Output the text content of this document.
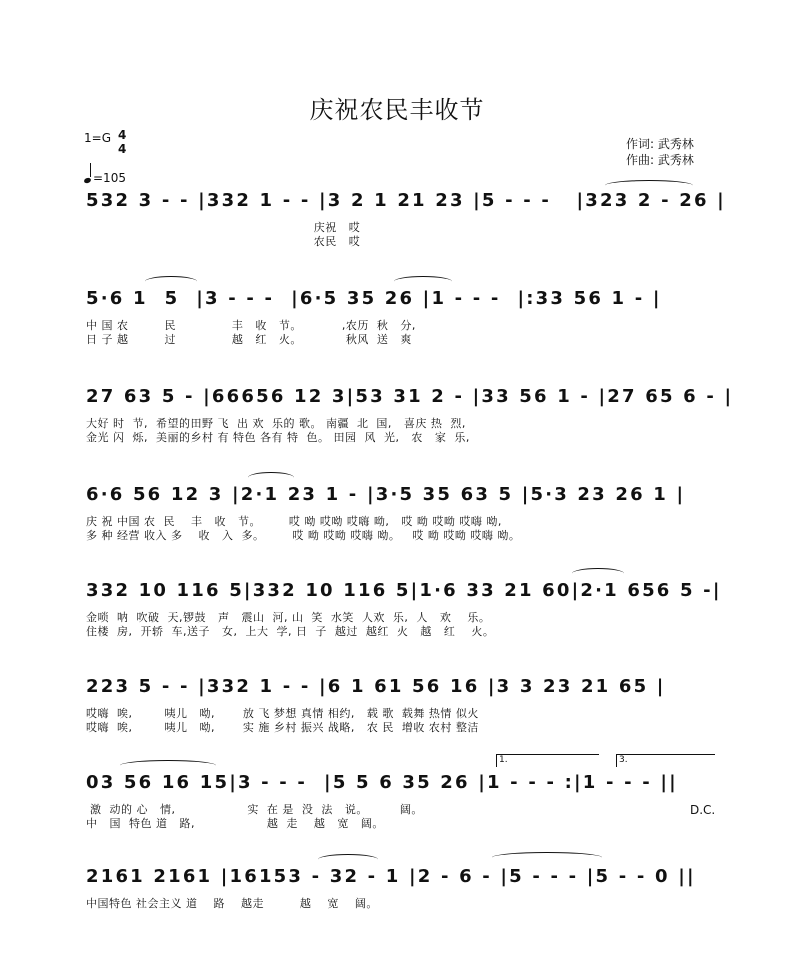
庆祝农民丰收节
1=G 4
4
=105
作词: 武秀林
作曲: 武秀林
532 3 - - |332 1 - - |3 2 1 21 23 |5 - - -   |323 2 - 26 |
庆祝   哎
农民   哎
5·6 1  5  |3 - - -  |6·5 35 26 |1 - - -  |:33 56 1 - |
中 国 农         民              丰   收   节。          ,农历  秋   分,
日 子 越         过              越   红   火。           秋风  送   爽
27 63 5 - |66656 12 3|53 31 2 - |33 56 1 - |27 65 6 - |
大好 时  节,  希望的田野 飞  出 欢  乐的 歌。 南疆  北  国,   喜庆 热  烈,
金光 闪  烁,  美丽的乡村 有 特色 各有 特  色。 田园  风  光,   农   家  乐,
6·6 56 12 3 |2·1 23 1 - |3·5 35 63 5 |5·3 23 26 1 |
庆 祝 中国 农  民    丰   收   节。       哎 呦 哎呦 哎嗨 呦,   哎 呦 哎呦 哎嗨 呦,
多 种 经营 收入 多    收   入  多。       哎 呦 哎呦 哎嗨 呦。   哎 呦 哎呦 哎嗨 呦。
332 10 116 5|332 10 116 5|1·6 33 21 60|2·1 656 5 -|
金唢  呐  吹破  天,锣鼓   声   震山  河, 山  笑  水笑  人欢  乐,  人   欢    乐。
住楼  房,  开轿  车,送子   女,  上大  学, 日  子  越过  越红  火   越   红    火。
223 5 - - |332 1 - - |6 1 61 56 16 |3 3 23 21 65 |
哎嗨  唉,        咦儿   呦,       放 飞 梦想 真情 相约,   载 歌  载舞 热情 似火
哎嗨  唉,        咦儿   呦,       实 施 乡村 振兴 战略,   农 民  增收 农村 整洁
1.	3.
03 56 16 15|3 - - -  |5 5 6 35 26 |1 - - - :|1 - - - ||
激  动的 心   情,                  实  在 是  没  法   说。        阔。
中   国  特色 道   路,                  越  走    越   宽   阔。
D.C.
2161 2161 |16153 - 32 - 1 |2 - 6 - |5 - - - |5 - - 0 ||
中国特色 社会主义 道    路    越走         越    宽    阔。
